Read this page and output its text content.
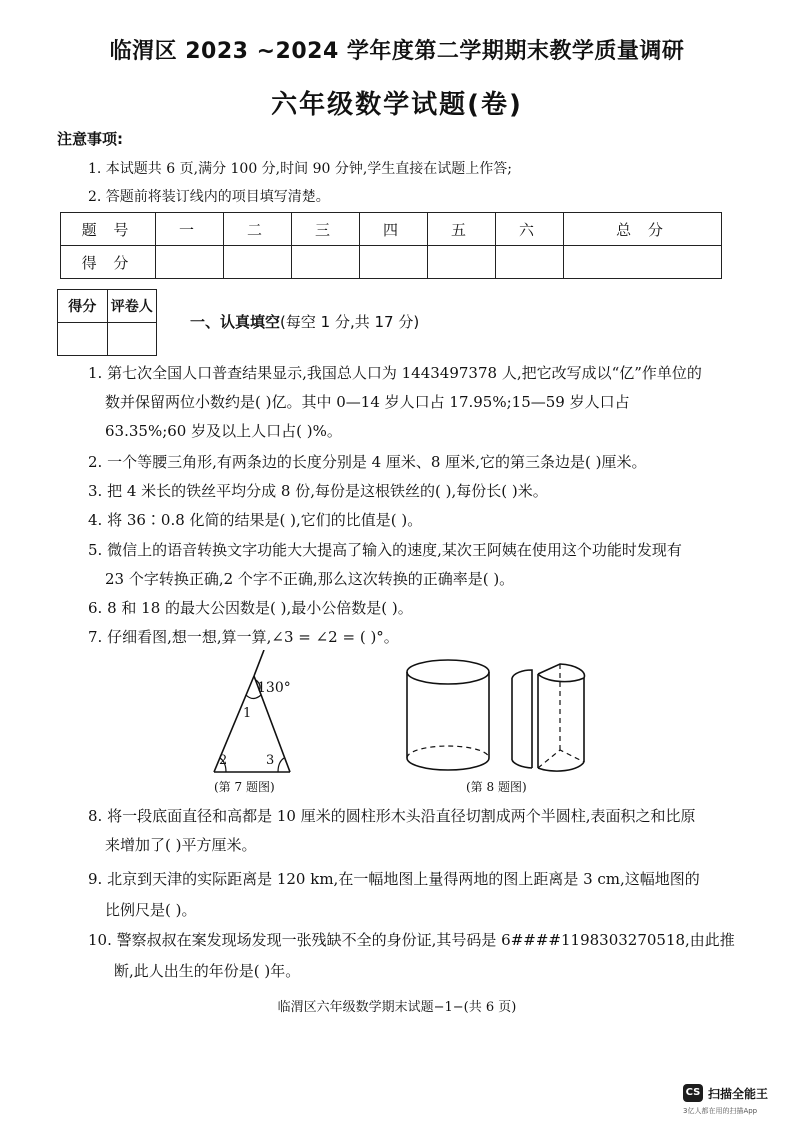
临渭区 2023 ~2024 学年度第二学期期末教学质量调研
六年级数学试题(卷)
注意事项:
1. 本试题共 6 页,满分 100 分,时间 90 分钟,学生直接在试题上作答;
2. 答题前将装订线内的项目填写清楚。
题 号	一	二	三	四	五	六	总 分
得 分							
得分	评卷人

一、认真填空(每空 1 分,共 17 分)
1. 第七次全国人口普查结果显示,我国总人口为 1443497378 人,把它改写成以“亿”作单位的
数并保留两位小数约是( )亿。其中 0—14 岁人口占 17.95%;15—59 岁人口占
63.35%;60 岁及以上人口占( )%。
2. 一个等腰三角形,有两条边的长度分别是 4 厘米、8 厘米,它的第三条边是( )厘米。
3. 把 4 米长的铁丝平均分成 8 份,每份是这根铁丝的( ),每份长( )米。
4. 将 36∶0.8 化简的结果是( ),它们的比值是( )。
5. 微信上的语音转换文字功能大大提高了输入的速度,某次王阿姨在使用这个功能时发现有
23 个字转换正确,2 个字不正确,那么这次转换的正确率是( )。
6. 8 和 18 的最大公因数是( ),最小公倍数是( )。
7. 仔细看图,想一想,算一算,∠3 = ∠2 = ( )°。
130°
1
2	3
(第 7 题图)	(第 8 题图)
8. 将一段底面直径和高都是 10 厘米的圆柱形木头沿直径切割成两个半圆柱,表面积之和比原
来增加了( )平方厘米。
9. 北京到天津的实际距离是 120 km,在一幅地图上量得两地的图上距离是 3 cm,这幅地图的
比例尺是( )。
10. 警察叔叔在案发现场发现一张残缺不全的身份证,其号码是 6####1198303270518,由此推
断,此人出生的年份是( )年。
临渭区六年级数学期末试题−1−(共 6 页)
CS 扫描全能王
3亿人都在用的扫描App
